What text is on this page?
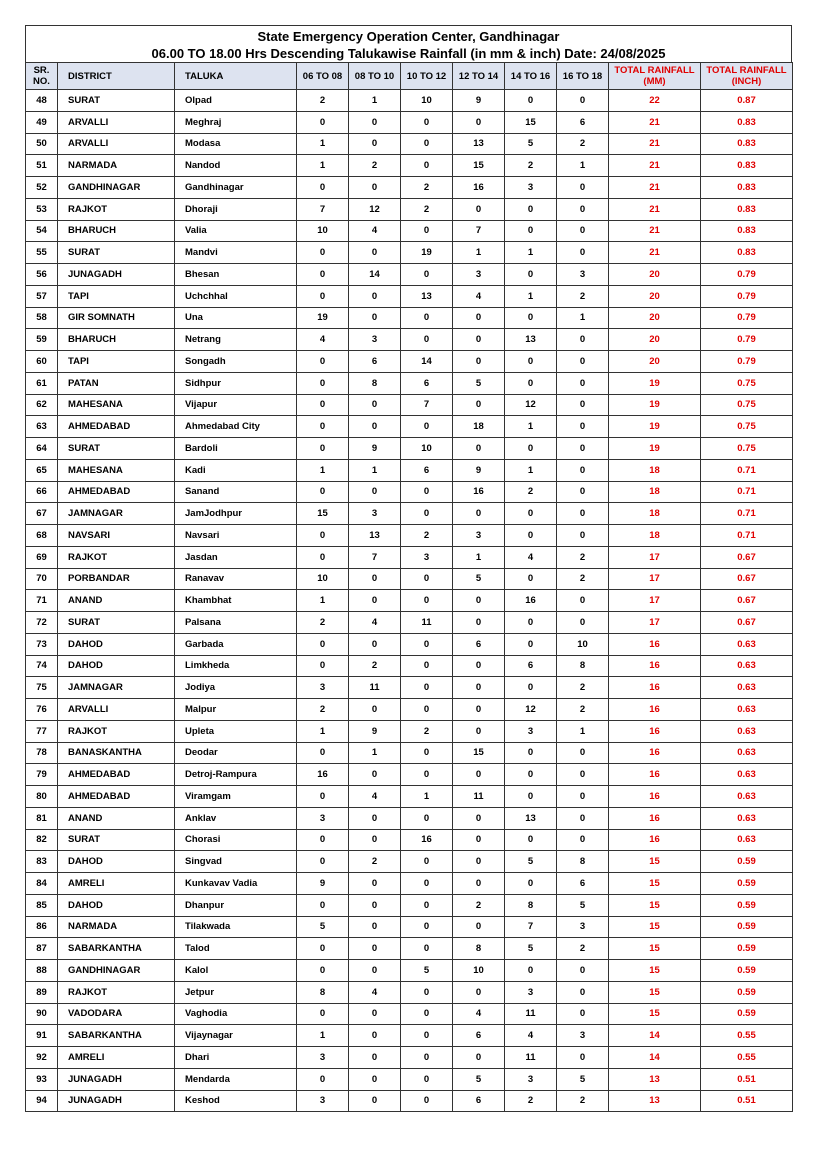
State Emergency Operation Center, Gandhinagar
06.00 TO 18.00 Hrs Descending Talukawise Rainfall (in mm & inch) Date: 24/08/2025
SR.
NO.	DISTRICT	TALUKA	06 TO 08	08 TO 10	10 TO 12	12 TO 14	14 TO 16	16 TO 18	TOTAL RAINFALL
(MM)	TOTAL RAINFALL
(INCH)
48	SURAT	Olpad	2	1	10	9	0	0	22	0.87
49	ARVALLI	Meghraj	0	0	0	0	15	6	21	0.83
50	ARVALLI	Modasa	1	0	0	13	5	2	21	0.83
51	NARMADA	Nandod	1	2	0	15	2	1	21	0.83
52	GANDHINAGAR	Gandhinagar	0	0	2	16	3	0	21	0.83
53	RAJKOT	Dhoraji	7	12	2	0	0	0	21	0.83
54	BHARUCH	Valia	10	4	0	7	0	0	21	0.83
55	SURAT	Mandvi	0	0	19	1	1	0	21	0.83
56	JUNAGADH	Bhesan	0	14	0	3	0	3	20	0.79
57	TAPI	Uchchhal	0	0	13	4	1	2	20	0.79
58	GIR SOMNATH	Una	19	0	0	0	0	1	20	0.79
59	BHARUCH	Netrang	4	3	0	0	13	0	20	0.79
60	TAPI	Songadh	0	6	14	0	0	0	20	0.79
61	PATAN	Sidhpur	0	8	6	5	0	0	19	0.75
62	MAHESANA	Vijapur	0	0	7	0	12	0	19	0.75
63	AHMEDABAD	Ahmedabad City	0	0	0	18	1	0	19	0.75
64	SURAT	Bardoli	0	9	10	0	0	0	19	0.75
65	MAHESANA	Kadi	1	1	6	9	1	0	18	0.71
66	AHMEDABAD	Sanand	0	0	0	16	2	0	18	0.71
67	JAMNAGAR	JamJodhpur	15	3	0	0	0	0	18	0.71
68	NAVSARI	Navsari	0	13	2	3	0	0	18	0.71
69	RAJKOT	Jasdan	0	7	3	1	4	2	17	0.67
70	PORBANDAR	Ranavav	10	0	0	5	0	2	17	0.67
71	ANAND	Khambhat	1	0	0	0	16	0	17	0.67
72	SURAT	Palsana	2	4	11	0	0	0	17	0.67
73	DAHOD	Garbada	0	0	0	6	0	10	16	0.63
74	DAHOD	Limkheda	0	2	0	0	6	8	16	0.63
75	JAMNAGAR	Jodiya	3	11	0	0	0	2	16	0.63
76	ARVALLI	Malpur	2	0	0	0	12	2	16	0.63
77	RAJKOT	Upleta	1	9	2	0	3	1	16	0.63
78	BANASKANTHA	Deodar	0	1	0	15	0	0	16	0.63
79	AHMEDABAD	Detroj-Rampura	16	0	0	0	0	0	16	0.63
80	AHMEDABAD	Viramgam	0	4	1	11	0	0	16	0.63
81	ANAND	Anklav	3	0	0	0	13	0	16	0.63
82	SURAT	Chorasi	0	0	16	0	0	0	16	0.63
83	DAHOD	Singvad	0	2	0	0	5	8	15	0.59
84	AMRELI	Kunkavav Vadia	9	0	0	0	0	6	15	0.59
85	DAHOD	Dhanpur	0	0	0	2	8	5	15	0.59
86	NARMADA	Tilakwada	5	0	0	0	7	3	15	0.59
87	SABARKANTHA	Talod	0	0	0	8	5	2	15	0.59
88	GANDHINAGAR	Kalol	0	0	5	10	0	0	15	0.59
89	RAJKOT	Jetpur	8	4	0	0	3	0	15	0.59
90	VADODARA	Vaghodia	0	0	0	4	11	0	15	0.59
91	SABARKANTHA	Vijaynagar	1	0	0	6	4	3	14	0.55
92	AMRELI	Dhari	3	0	0	0	11	0	14	0.55
93	JUNAGADH	Mendarda	0	0	0	5	3	5	13	0.51
94	JUNAGADH	Keshod	3	0	0	6	2	2	13	0.51
